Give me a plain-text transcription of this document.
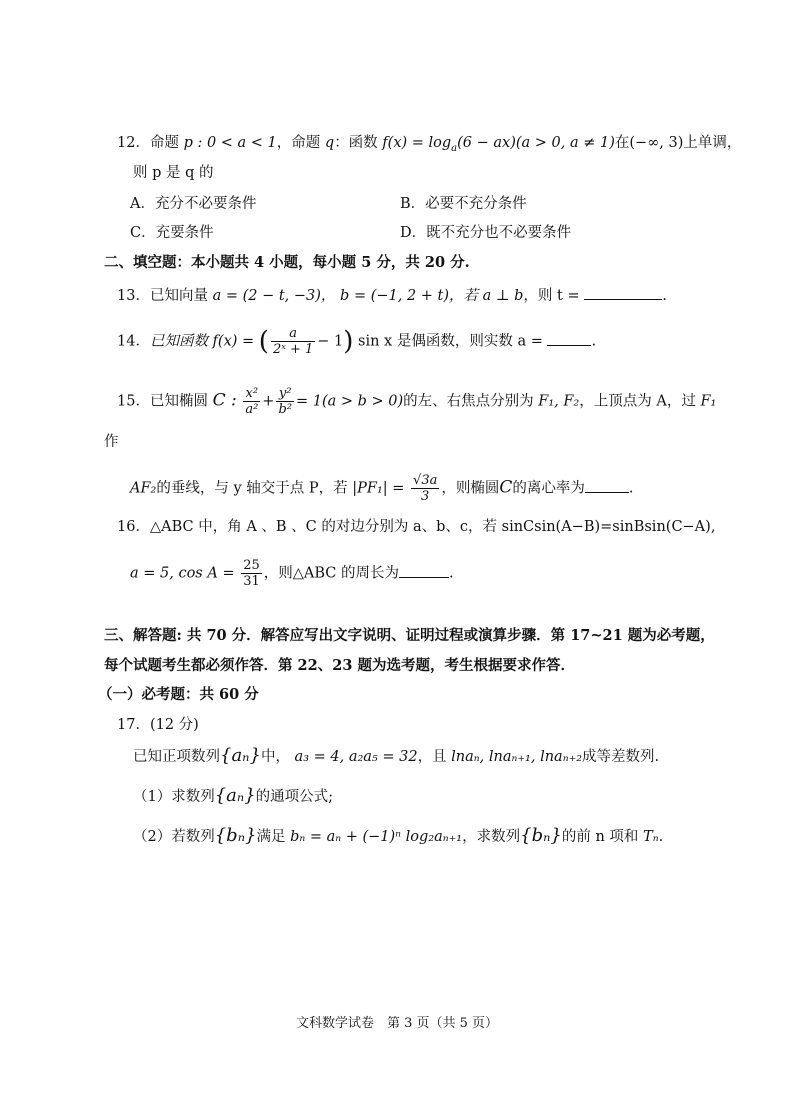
12．命题 p : 0 < a < 1，命题 q：函数 $f(x) = \log_a(6 - ax)(a > 0$, a ≠ 1)在(−∞, 3)上单调，
则 p 是 q 的
A．充分不必要条件	B．必要不充分条件
C．充要条件	D．既不充分也不必要条件
二、填空题：本小题共 4 小题，每小题 5 分，共 20 分.
13．已知向量 a = (2 − t, −3)， b = (−1, 2 + t)，若 a ⊥ b，则 t =	.
14．已知函数 f(x) = ( $\frac{a}{\text{2ˣ + 1}} - 1$) sin x 是偶函数，则实数 a =	.
15．已知椭圆 C : $\frac{\text{x²}}{\text{a²}} + \frac{\text{y²}}{\text{b²}} = 1(a > b > 0)$的左、右焦点分别为 F₁, F₂，上顶点为 A，过 F₁
作
AF₂的垂线，与 y 轴交于点 P，若 $|PF_1| = \frac{√3a}{3}$ ，则椭圆C的离心率为	.
16．△ABC 中，角 A 、B 、C 的对边分别为 a、b、c，若 sinCsin(A−B)=sinBsin(C−A),
a = 5, $\cos A = \frac{25}{31}$ ，则△ABC 的周长为	.
三、解答题: 共 70 分．解答应写出文字说明、证明过程或演算步骤．第 17~21 题为必考题，
每个试题考生都必须作答．第 22、23 题为选考题，考生根据要求作答．
（一）必考题：共 60 分
17．(12 分)
已知正项数列{aₙ}中， a₃ = 4, a₂a₅ = 32，且 lnaₙ, lnaₙ₊₁, lnaₙ₊₂成等差数列.
（1）求数列{aₙ}的通项公式;
（2）若数列{bₙ}满足 bₙ = aₙ + (−1)ⁿ log₂aₙ₊₁，求数列{bₙ}的前 n 项和 Tₙ.
文科数学试卷　第 3 页（共 5 页）
